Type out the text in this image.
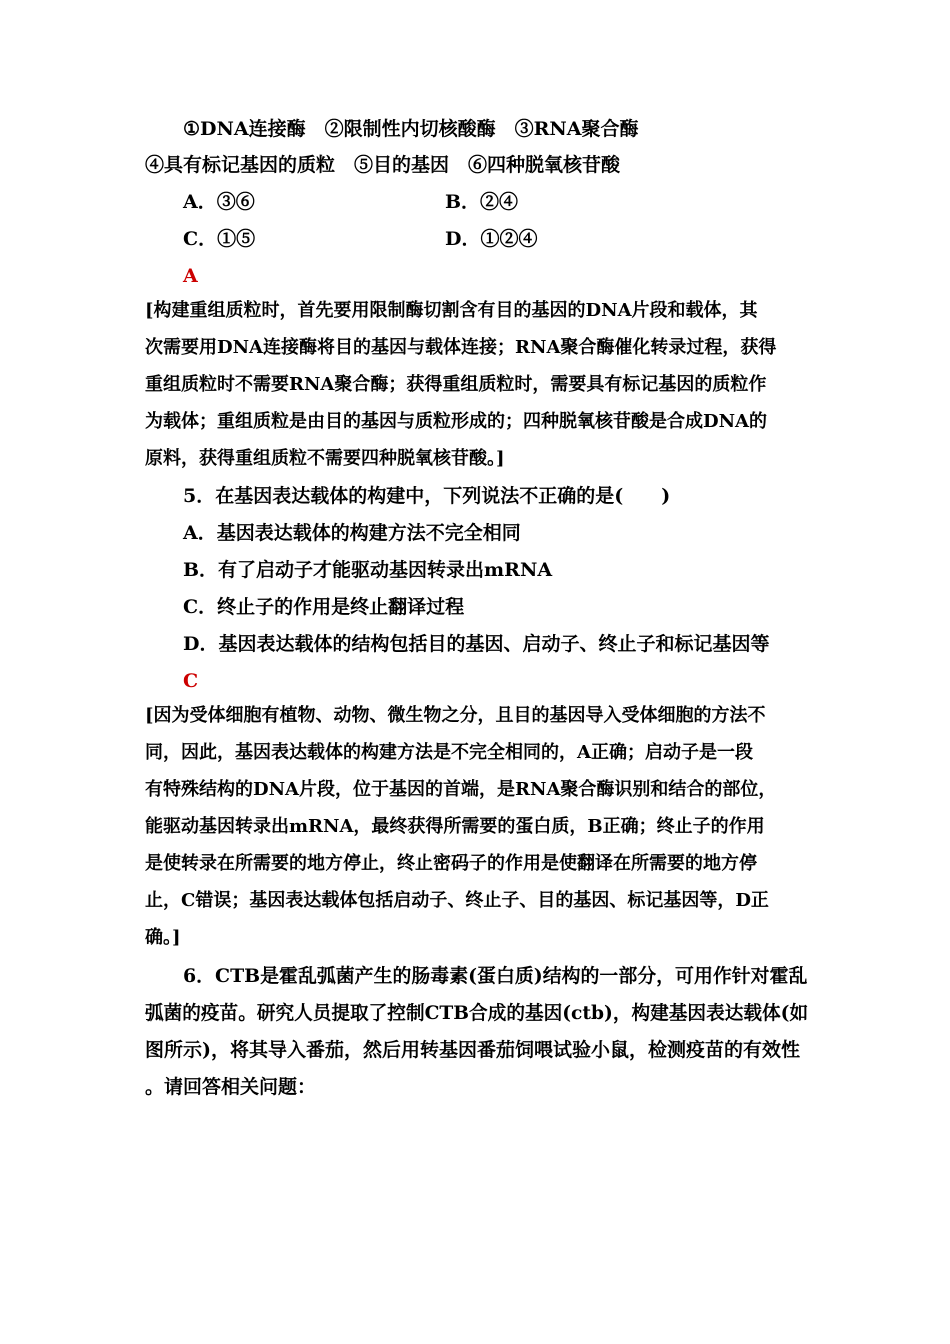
①DNA连接酶　②限制性内切核酸酶　③RNA聚合酶
④具有标记基因的质粒　⑤目的基因　⑥四种脱氧核苷酸
A．③⑥	B．②④
C．①⑤	D．①②④
A
[构建重组质粒时，首先要用限制酶切割含有目的基因的DNA片段和载体，其
次需要用DNA连接酶将目的基因与载体连接；RNA聚合酶催化转录过程，获得
重组质粒时不需要RNA聚合酶；获得重组质粒时，需要具有标记基因的质粒作
为载体；重组质粒是由目的基因与质粒形成的；四种脱氧核苷酸是合成DNA的
原料，获得重组质粒不需要四种脱氧核苷酸。]
5．在基因表达载体的构建中，下列说法不正确的是(　　)
A．基因表达载体的构建方法不完全相同
B．有了启动子才能驱动基因转录出mRNA
C．终止子的作用是终止翻译过程
D．基因表达载体的结构包括目的基因、启动子、终止子和标记基因等
C
[因为受体细胞有植物、动物、微生物之分，且目的基因导入受体细胞的方法不
同，因此，基因表达载体的构建方法是不完全相同的，A正确；启动子是一段
有特殊结构的DNA片段，位于基因的首端，是RNA聚合酶识别和结合的部位，
能驱动基因转录出mRNA，最终获得所需要的蛋白质，B正确；终止子的作用
是使转录在所需要的地方停止，终止密码子的作用是使翻译在所需要的地方停
止，C错误；基因表达载体包括启动子、终止子、目的基因、标记基因等，D正
确。]
6．CTB是霍乱弧菌产生的肠毒素(蛋白质)结构的一部分，可用作针对霍乱
弧菌的疫苗。研究人员提取了控制CTB合成的基因(ctb)，构建基因表达载体(如
图所示)，将其导入番茄，然后用转基因番茄饲喂试验小鼠，检测疫苗的有效性
。请回答相关问题：
